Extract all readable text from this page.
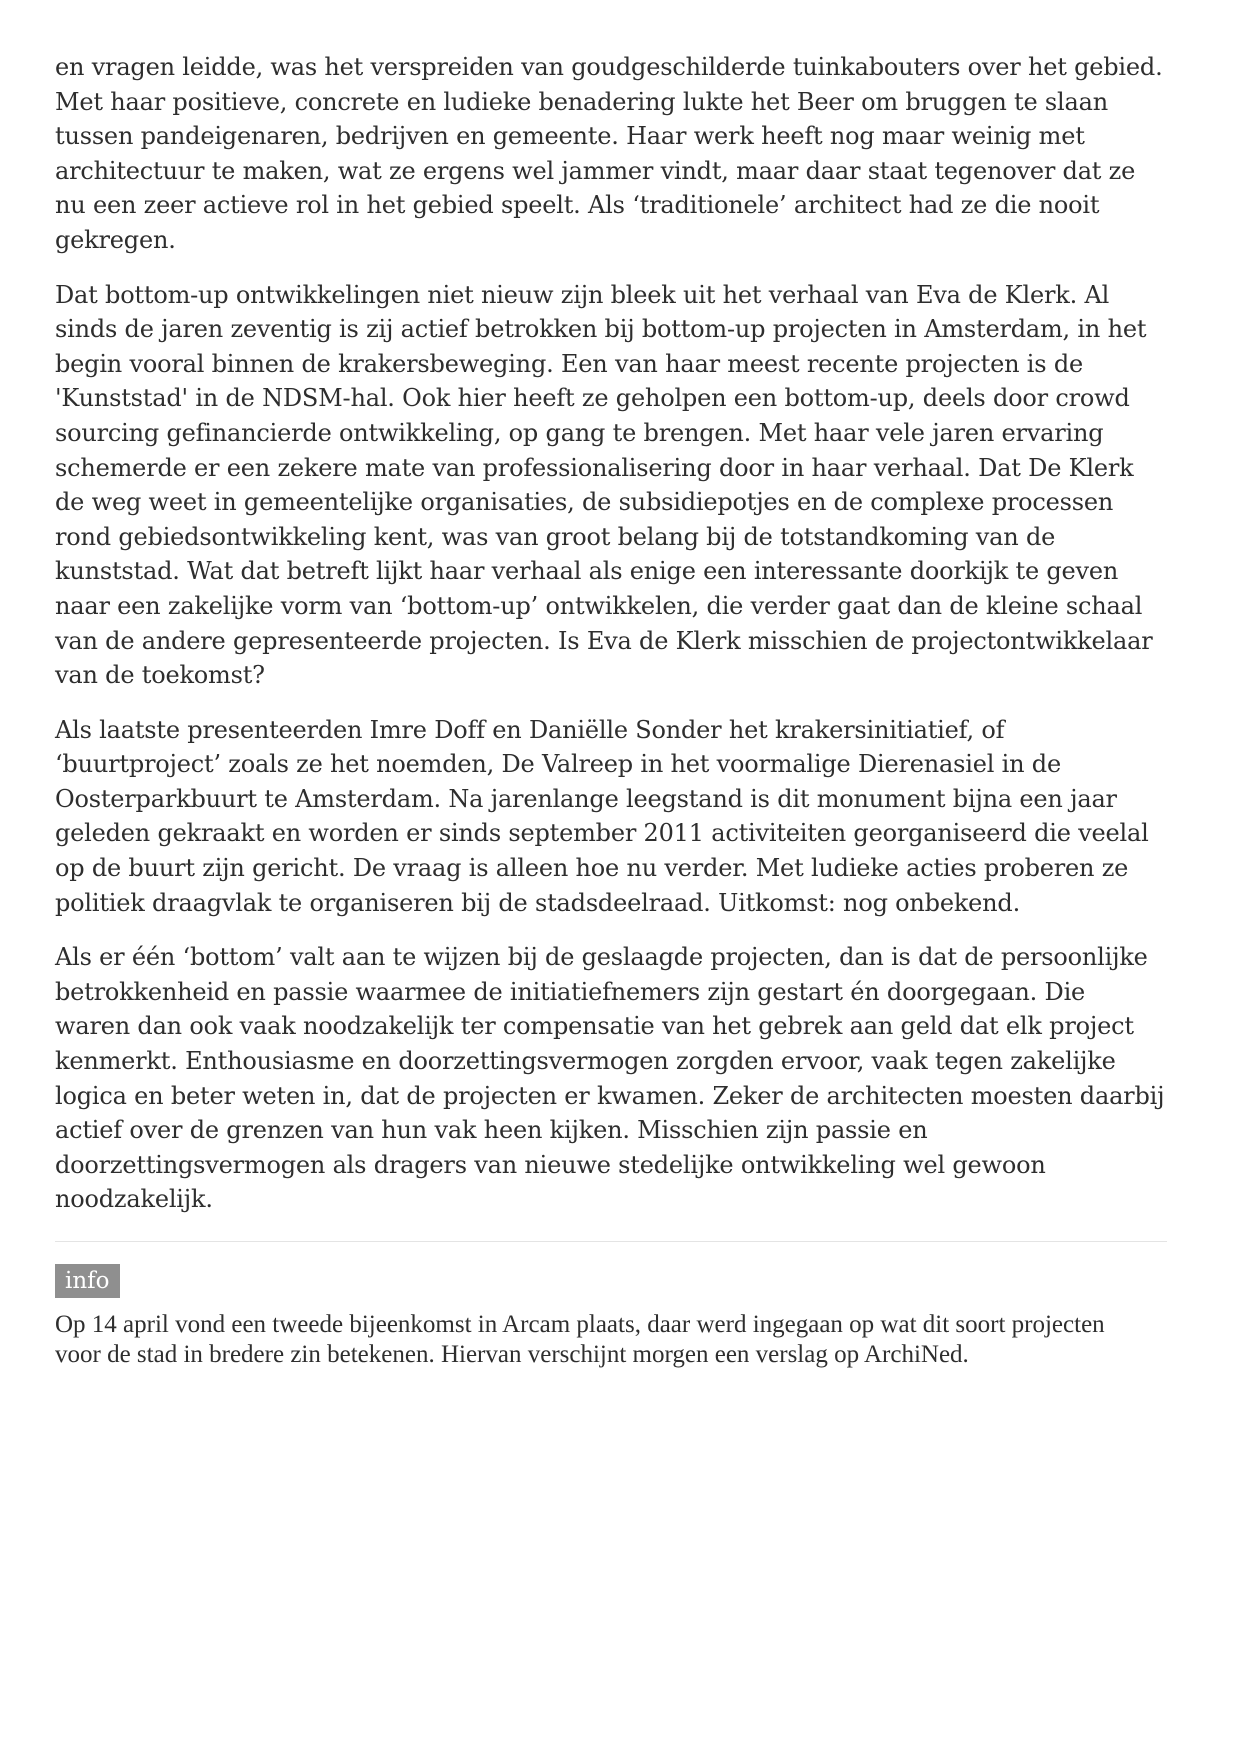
en vragen leidde, was het verspreiden van goudgeschilderde tuinkabouters over het gebied. Met haar positieve, concrete en ludieke benadering lukte het Beer om bruggen te slaan tussen pandeigenaren, bedrijven en gemeente. Haar werk heeft nog maar weinig met architectuur te maken, wat ze ergens wel jammer vindt, maar daar staat tegenover dat ze nu een zeer actieve rol in het gebied speelt. Als ‘traditionele’ architect had ze die nooit gekregen.

Dat bottom-up ontwikkelingen niet nieuw zijn bleek uit het verhaal van Eva de Klerk. Al sinds de jaren zeventig is zij actief betrokken bij bottom-up projecten in Amsterdam, in het begin vooral binnen de krakersbeweging. Een van haar meest recente projecten is de 'Kunststad' in de NDSM-hal. Ook hier heeft ze geholpen een bottom-up, deels door crowd sourcing gefinancierde ontwikkeling, op gang te brengen. Met haar vele jaren ervaring schemerde er een zekere mate van professionalisering door in haar verhaal. Dat De Klerk de weg weet in gemeentelijke organisaties, de subsidiepotjes en de complexe processen rond gebiedsontwikkeling kent, was van groot belang bij de totstandkoming van de kunststad. Wat dat betreft lijkt haar verhaal als enige een interessante doorkijk te geven naar een zakelijke vorm van ‘bottom-up’ ontwikkelen, die verder gaat dan de kleine schaal van de andere gepresenteerde projecten. Is Eva de Klerk misschien de projectontwikkelaar van de toekomst?

Als laatste presenteerden Imre Doff en Daniëlle Sonder het krakersinitiatief, of ‘buurtproject’ zoals ze het noemden, De Valreep in het voormalige Dierenasiel in de Oosterparkbuurt te Amsterdam. Na jarenlange leegstand is dit monument bijna een jaar geleden gekraakt en worden er sinds september 2011 activiteiten georganiseerd die veelal op de buurt zijn gericht. De vraag is alleen hoe nu verder. Met ludieke acties proberen ze politiek draagvlak te organiseren bij de stadsdeelraad. Uitkomst: nog onbekend.

Als er één ‘bottom’ valt aan te wijzen bij de geslaagde projecten, dan is dat de persoonlijke betrokkenheid en passie waarmee de initiatiefnemers zijn gestart én doorgegaan. Die waren dan ook vaak noodzakelijk ter compensatie van het gebrek aan geld dat elk project kenmerkt. Enthousiasme en doorzettingsvermogen zorgden ervoor, vaak tegen zakelijke logica en beter weten in, dat de projecten er kwamen. Zeker de architecten moesten daarbij actief over de grenzen van hun vak heen kijken. Misschien zijn passie en doorzettingsvermogen als dragers van nieuwe stedelijke ontwikkeling wel gewoon noodzakelijk.

info

Op 14 april vond een tweede bijeenkomst in Arcam plaats, daar werd ingegaan op wat dit soort projecten voor de stad in bredere zin betekenen. Hiervan verschijnt morgen een verslag op ArchiNed.
